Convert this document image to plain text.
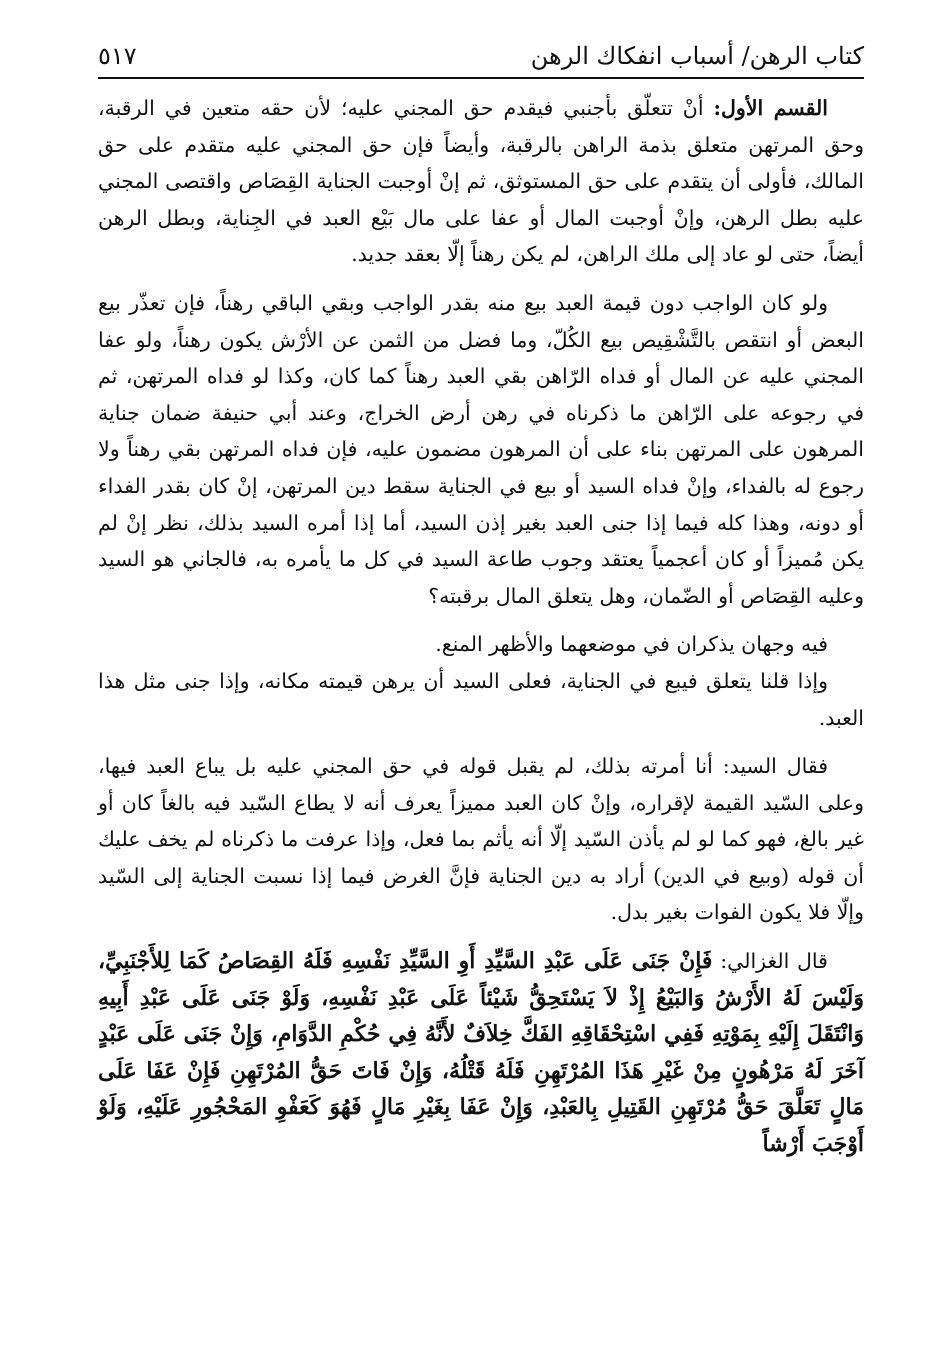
كتاب الرهن/ أسباب انفكاك الرهن
٥١٧

القسم الأول: أنْ تتعلّق بأجنبي فيقدم حق المجني عليه؛ لأن حقه متعين في الرقبة، وحق المرتهن متعلق بذمة الراهن بالرقبة، وأيضاً فإن حق المجني عليه متقدم على حق المالك، فأولى أن يتقدم على حق المستوثق، ثم إنْ أوجبت الجناية القِصَاص واقتصى المجني عليه بطل الرهن، وإنْ أوجبت المال أو عفا على مال بَيْع العبد في الجِناية، وبطل الرهن أيضاً، حتى لو عاد إلى ملك الراهن، لم يكن رهناً إلّا بعقد جديد.

ولو كان الواجب دون قيمة العبد بيع منه بقدر الواجب وبقي الباقي رهناً، فإن تعذّر بيع البعض أو انتقص بالتَّشْقِيص بيع الكُلّ، وما فضل من الثمن عن الأرْش يكون رهناً، ولو عفا المجني عليه عن المال أو فداه الرّاهن بقي العبد رهناً كما كان، وكذا لو فداه المرتهن، ثم في رجوعه على الرّاهن ما ذكرناه في رهن أرض الخراج، وعند أبي حنيفة ضمان جناية المرهون على المرتهن بناء على أن المرهون مضمون عليه، فإن فداه المرتهن بقي رهناً ولا رجوع له بالفداء، وإنْ فداه السيد أو بيع في الجناية سقط دين المرتهن، إنْ كان بقدر الفداء أو دونه، وهذا كله فيما إذا جنى العبد بغير إذن السيد، أما إذا أمره السيد بذلك، نظر إنْ لم يكن مُميزاً أو كان أعجمياً يعتقد وجوب طاعة السيد في كل ما يأمره به، فالجاني هو السيد وعليه القِصَاص أو الضّمان، وهل يتعلق المال برقبته؟

فيه وجهان يذكران في موضعهما والأظهر المنع.

وإذا قلنا يتعلق فيبع في الجناية، فعلى السيد أن يرهن قيمته مكانه، وإذا جنى مثل هذا العبد.

فقال السيد: أنا أمرته بذلك، لم يقبل قوله في حق المجني عليه بل يباع العبد فيها، وعلى السّيد القيمة لإقراره، وإنْ كان العبد مميزاً يعرف أنه لا يطاع السّيد فيه بالغاً كان أو غير بالغ، فهو كما لو لم يأذن السّيد إلّا أنه يأثم بما فعل، وإذا عرفت ما ذكرناه لم يخف عليك أن قوله (وبيع في الدين) أراد به دين الجناية فإنَّ الغرض فيما إذا نسبت الجناية إلى السّيد وإلّا فلا يكون الفوات بغير بدل.

قال الغزالي: فَإِنْ جَنَى عَلَى عَبْدِ السَّيِّدِ أَوِ السَّيِّدِ نَفْسِهِ فَلَهُ القِصَاصُ كَمَا لِلأَجْنَبِيِّ، وَلَيْسَ لَهُ الأَرْشُ وَالبَيْعُ إِذْ لاَ يَسْتَحِقُّ شَيْئاً عَلَى عَبْدِ نَفْسِهِ، وَلَوْ جَنَى عَلَى عَبْدِ أَبِيهِ وَانْتَقَلَ إِلَيْهِ بِمَوْتِهِ فَفِي اسْتِحْقَاقِهِ الفَكَّ خِلاَفٌ لأَنَّهُ فِي حُكْمِ الدَّوَامِ، وَإِنْ جَنَى عَلَى عَبْدٍ آخَرَ لَهُ مَرْهُونٍ مِنْ غَيْرِ هَذَا المُرْتَهِنِ فَلَهُ قَتْلُهُ، وَإِنْ فَاتَ حَقُّ المُرْتَهِنِ فَإِنْ عَفَا عَلَى مَالٍ تَعَلَّقَ حَقُّ مُرْتَهِنِ القَتِيلِ بِالعَبْدِ، وَإِنْ عَفَا بِغَيْرِ مَالٍ فَهُوَ كَعَفْوِ المَحْجُورِ عَلَيْهِ، وَلَوْ أَوْجَبَ أَرْشاً
